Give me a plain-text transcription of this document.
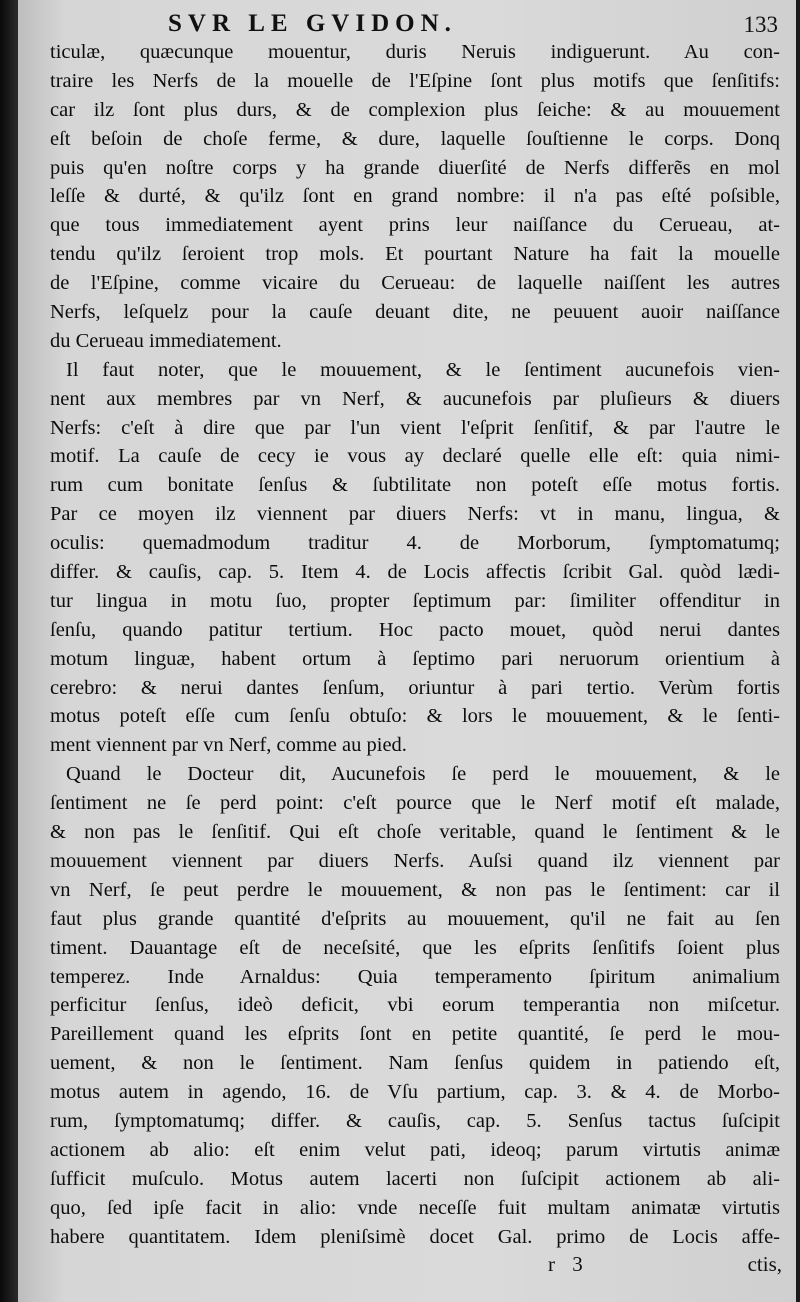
SVR LE GVIDON.	133
ticulæ, quæcunque mouentur, duris Neruis indiguerunt. Au con-
traire les Nerfs de la mouelle de l'Eſpine ſont plus motifs que ſenſitifs:
car ilz ſont plus durs, & de complexion plus ſeiche: & au mouuement
eſt beſoin de choſe ferme, & dure, laquelle ſouſtienne le corps. Donq
puis qu'en noſtre corps y ha grande diuerſité de Nerfs differẽs en mol
leſſe & durté, & qu'ilz ſont en grand nombre: il n'a pas eſté poſsible,
que tous immediatement ayent prins leur naiſſance du Cerueau, at-
tendu qu'ilz ſeroient trop mols. Et pourtant Nature ha fait la mouelle
de l'Eſpine, comme vicaire du Cerueau: de laquelle naiſſent les autres
Nerfs, leſquelz pour la cauſe deuant dite, ne peuuent auoir naiſſance
du Cerueau immediatement.
Il faut noter, que le mouuement, & le ſentiment aucunefois vien-
nent aux membres par vn Nerf, & aucunefois par pluſieurs & diuers
Nerfs: c'eſt à dire que par l'un vient l'eſprit ſenſitif, & par l'autre le
motif. La cauſe de cecy ie vous ay declaré quelle elle eſt: quia nimi-
rum cum bonitate ſenſus & ſubtilitate non poteſt eſſe motus fortis.
Par ce moyen ilz viennent par diuers Nerfs: vt in manu, lingua, &
oculis: quemadmodum traditur 4. de Morborum, ſymptomatumq;
differ. & cauſis, cap. 5. Item 4. de Locis affectis ſcribit Gal. quòd lædi-
tur lingua in motu ſuo, propter ſeptimum par: ſimiliter offenditur in
ſenſu, quando patitur tertium. Hoc pacto mouet, quòd nerui dantes
motum linguæ, habent ortum à ſeptimo pari neruorum orientium à
cerebro: & nerui dantes ſenſum, oriuntur à pari tertio. Verùm fortis
motus poteſt eſſe cum ſenſu obtuſo: & lors le mouuement, & le ſenti-
ment viennent par vn Nerf, comme au pied.
Quand le Docteur dit, Aucunefois ſe perd le mouuement, & le
ſentiment ne ſe perd point: c'eſt pource que le Nerf motif eſt malade,
& non pas le ſenſitif. Qui eſt choſe veritable, quand le ſentiment & le
mouuement viennent par diuers Nerfs. Auſsi quand ilz viennent par
vn Nerf, ſe peut perdre le mouuement, & non pas le ſentiment: car il
faut plus grande quantité d'eſprits au mouuement, qu'il ne fait au ſen
timent. Dauantage eſt de neceſsité, que les eſprits ſenſitifs ſoient plus
temperez. Inde Arnaldus: Quia temperamento ſpiritum animalium
perficitur ſenſus, ideò deficit, vbi eorum temperantia non miſcetur.
Pareillement quand les eſprits ſont en petite quantité, ſe perd le mou-
uement, & non le ſentiment. Nam ſenſus quidem in patiendo eſt,
motus autem in agendo, 16. de Vſu partium, cap. 3. & 4. de Morbo-
rum, ſymptomatumq; differ. & cauſis, cap. 5. Senſus tactus ſuſcipit
actionem ab alio: eſt enim velut pati, ideoq; parum virtutis animæ
ſufficit muſculo. Motus autem lacerti non ſuſcipit actionem ab ali-
quo, ſed ipſe facit in alio: vnde neceſſe fuit multam animatæ virtutis
habere quantitatem. Idem pleniſsimè docet Gal. primo de Locis affe-
r 3	ctis,
